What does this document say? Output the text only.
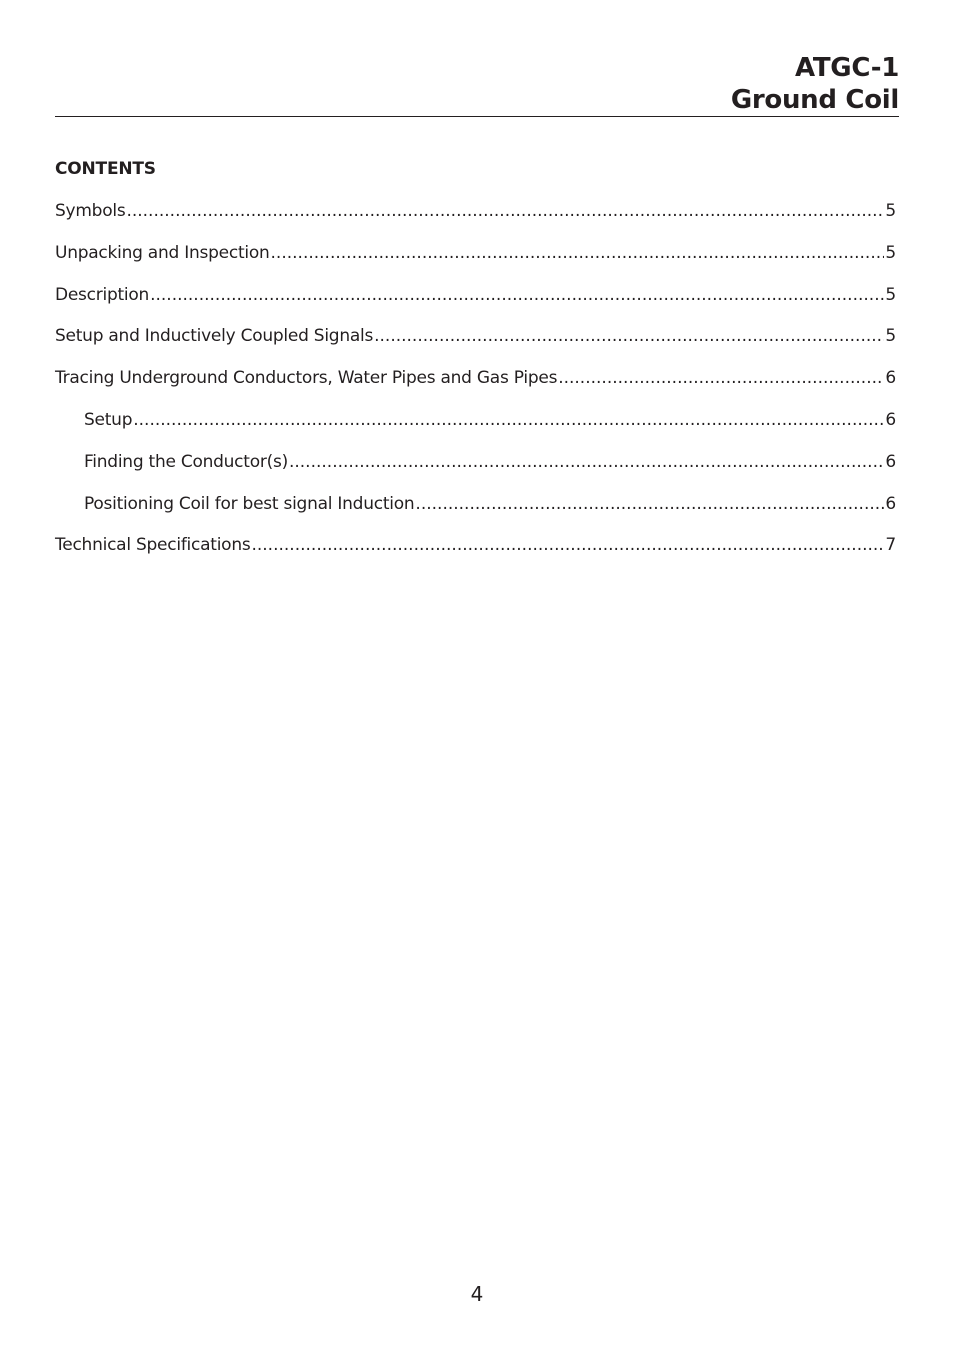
ATGC-1
Ground Coil
CONTENTS
Symbols .....	5
Unpacking and Inspection .....	5
Description .....	5
Setup and Inductively Coupled Signals .....	5
Tracing Underground Conductors, Water Pipes and Gas Pipes .....	6
Setup .....	6
Finding the Conductor(s) .....	6
Positioning Coil for best signal Induction .....	6
Technical Specifications .....	7
4
